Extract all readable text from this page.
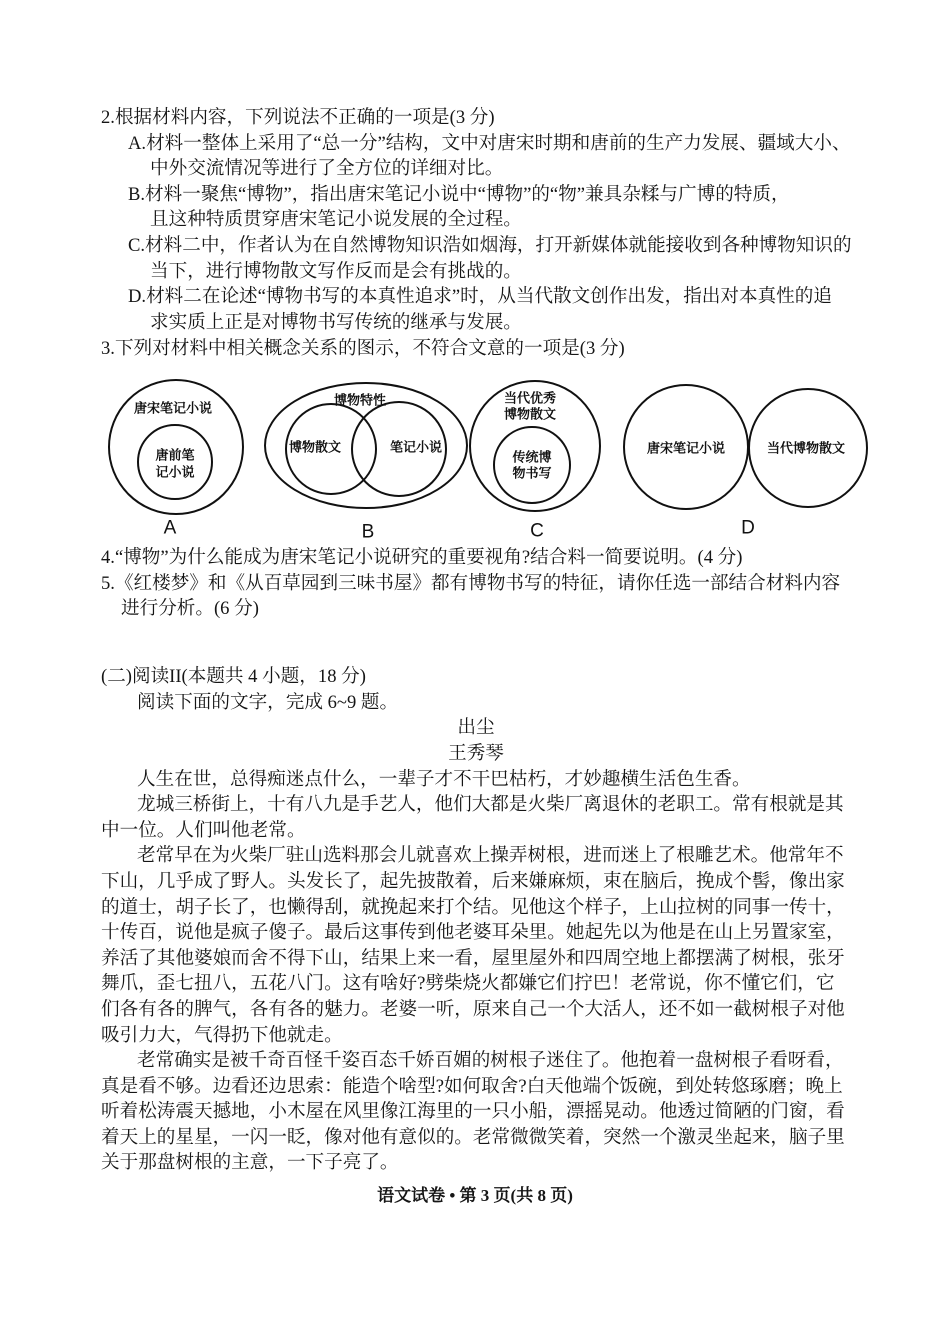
2.根据材料内容，下列说法不正确的一项是(3 分)
A.材料一整体上采用了“总一分”结构，文中对唐宋时期和唐前的生产力发展、疆域大小、
中外交流情况等进行了全方位的详细对比。
B.材料一聚焦“博物”，指出唐宋笔记小说中“博物”的“物”兼具杂糅与广博的特质，
且这种特质贯穿唐宋笔记小说发展的全过程。
C.材料二中，作者认为在自然博物知识浩如烟海，打开新媒体就能接收到各种博物知识的
当下，进行博物散文写作反而是会有挑战的。
D.材料二在论述“博物书写的本真性追求”时，从当代散文创作出发，指出对本真性的追
求实质上正是对博物书写传统的继承与发展。
3.下列对材料中相关概念关系的图示，不符合文意的一项是(3 分)
唐宋笔记小说
唐前笔
记小说
A
博物特性
博物散文	笔记小说
B
当代优秀
博物散文
传统博
物书写
C
唐宋笔记小说	当代博物散文
D
4.“博物”为什么能成为唐宋笔记小说研究的重要视角?结合料一简要说明。(4 分)
5.《红楼梦》和《从百草园到三味书屋》都有博物书写的特征，请你任选一部结合材料内容
进行分析。(6 分)
(二)阅读II(本题共 4 小题，18 分)
阅读下面的文字，完成 6~9 题。
出尘
王秀琴
人生在世，总得痴迷点什么，一辈子才不干巴枯朽，才妙趣横生活色生香。
龙城三桥街上，十有八九是手艺人，他们大都是火柴厂离退休的老职工。常有根就是其
中一位。人们叫他老常。
老常早在为火柴厂驻山选料那会儿就喜欢上操弄树根，进而迷上了根雕艺术。他常年不
下山，几乎成了野人。头发长了，起先披散着，后来嫌麻烦，束在脑后，挽成个髻，像出家
的道士，胡子长了，也懒得刮，就挽起来打个结。见他这个样子，上山拉树的同事一传十，
十传百，说他是疯子傻子。最后这事传到他老婆耳朵里。她起先以为他是在山上另置家室，
养活了其他婆娘而舍不得下山，结果上来一看，屋里屋外和四周空地上都摆满了树根，张牙
舞爪，歪七扭八，五花八门。这有啥好?劈柴烧火都嫌它们拧巴！老常说，你不懂它们，它
们各有各的脾气，各有各的魅力。老婆一听，原来自己一个大活人，还不如一截树根子对他
吸引力大，气得扔下他就走。
老常确实是被千奇百怪千姿百态千娇百媚的树根子迷住了。他抱着一盘树根子看呀看，
真是看不够。边看还边思索：能造个啥型?如何取舍?白天他端个饭碗，到处转悠琢磨；晚上
听着松涛震天撼地，小木屋在风里像江海里的一只小船，漂摇晃动。他透过简陋的门窗，看
着天上的星星，一闪一眨，像对他有意似的。老常微微笑着，突然一个激灵坐起来，脑子里
关于那盘树根的主意，一下子亮了。
语文试卷 • 第 3 页(共 8 页)
